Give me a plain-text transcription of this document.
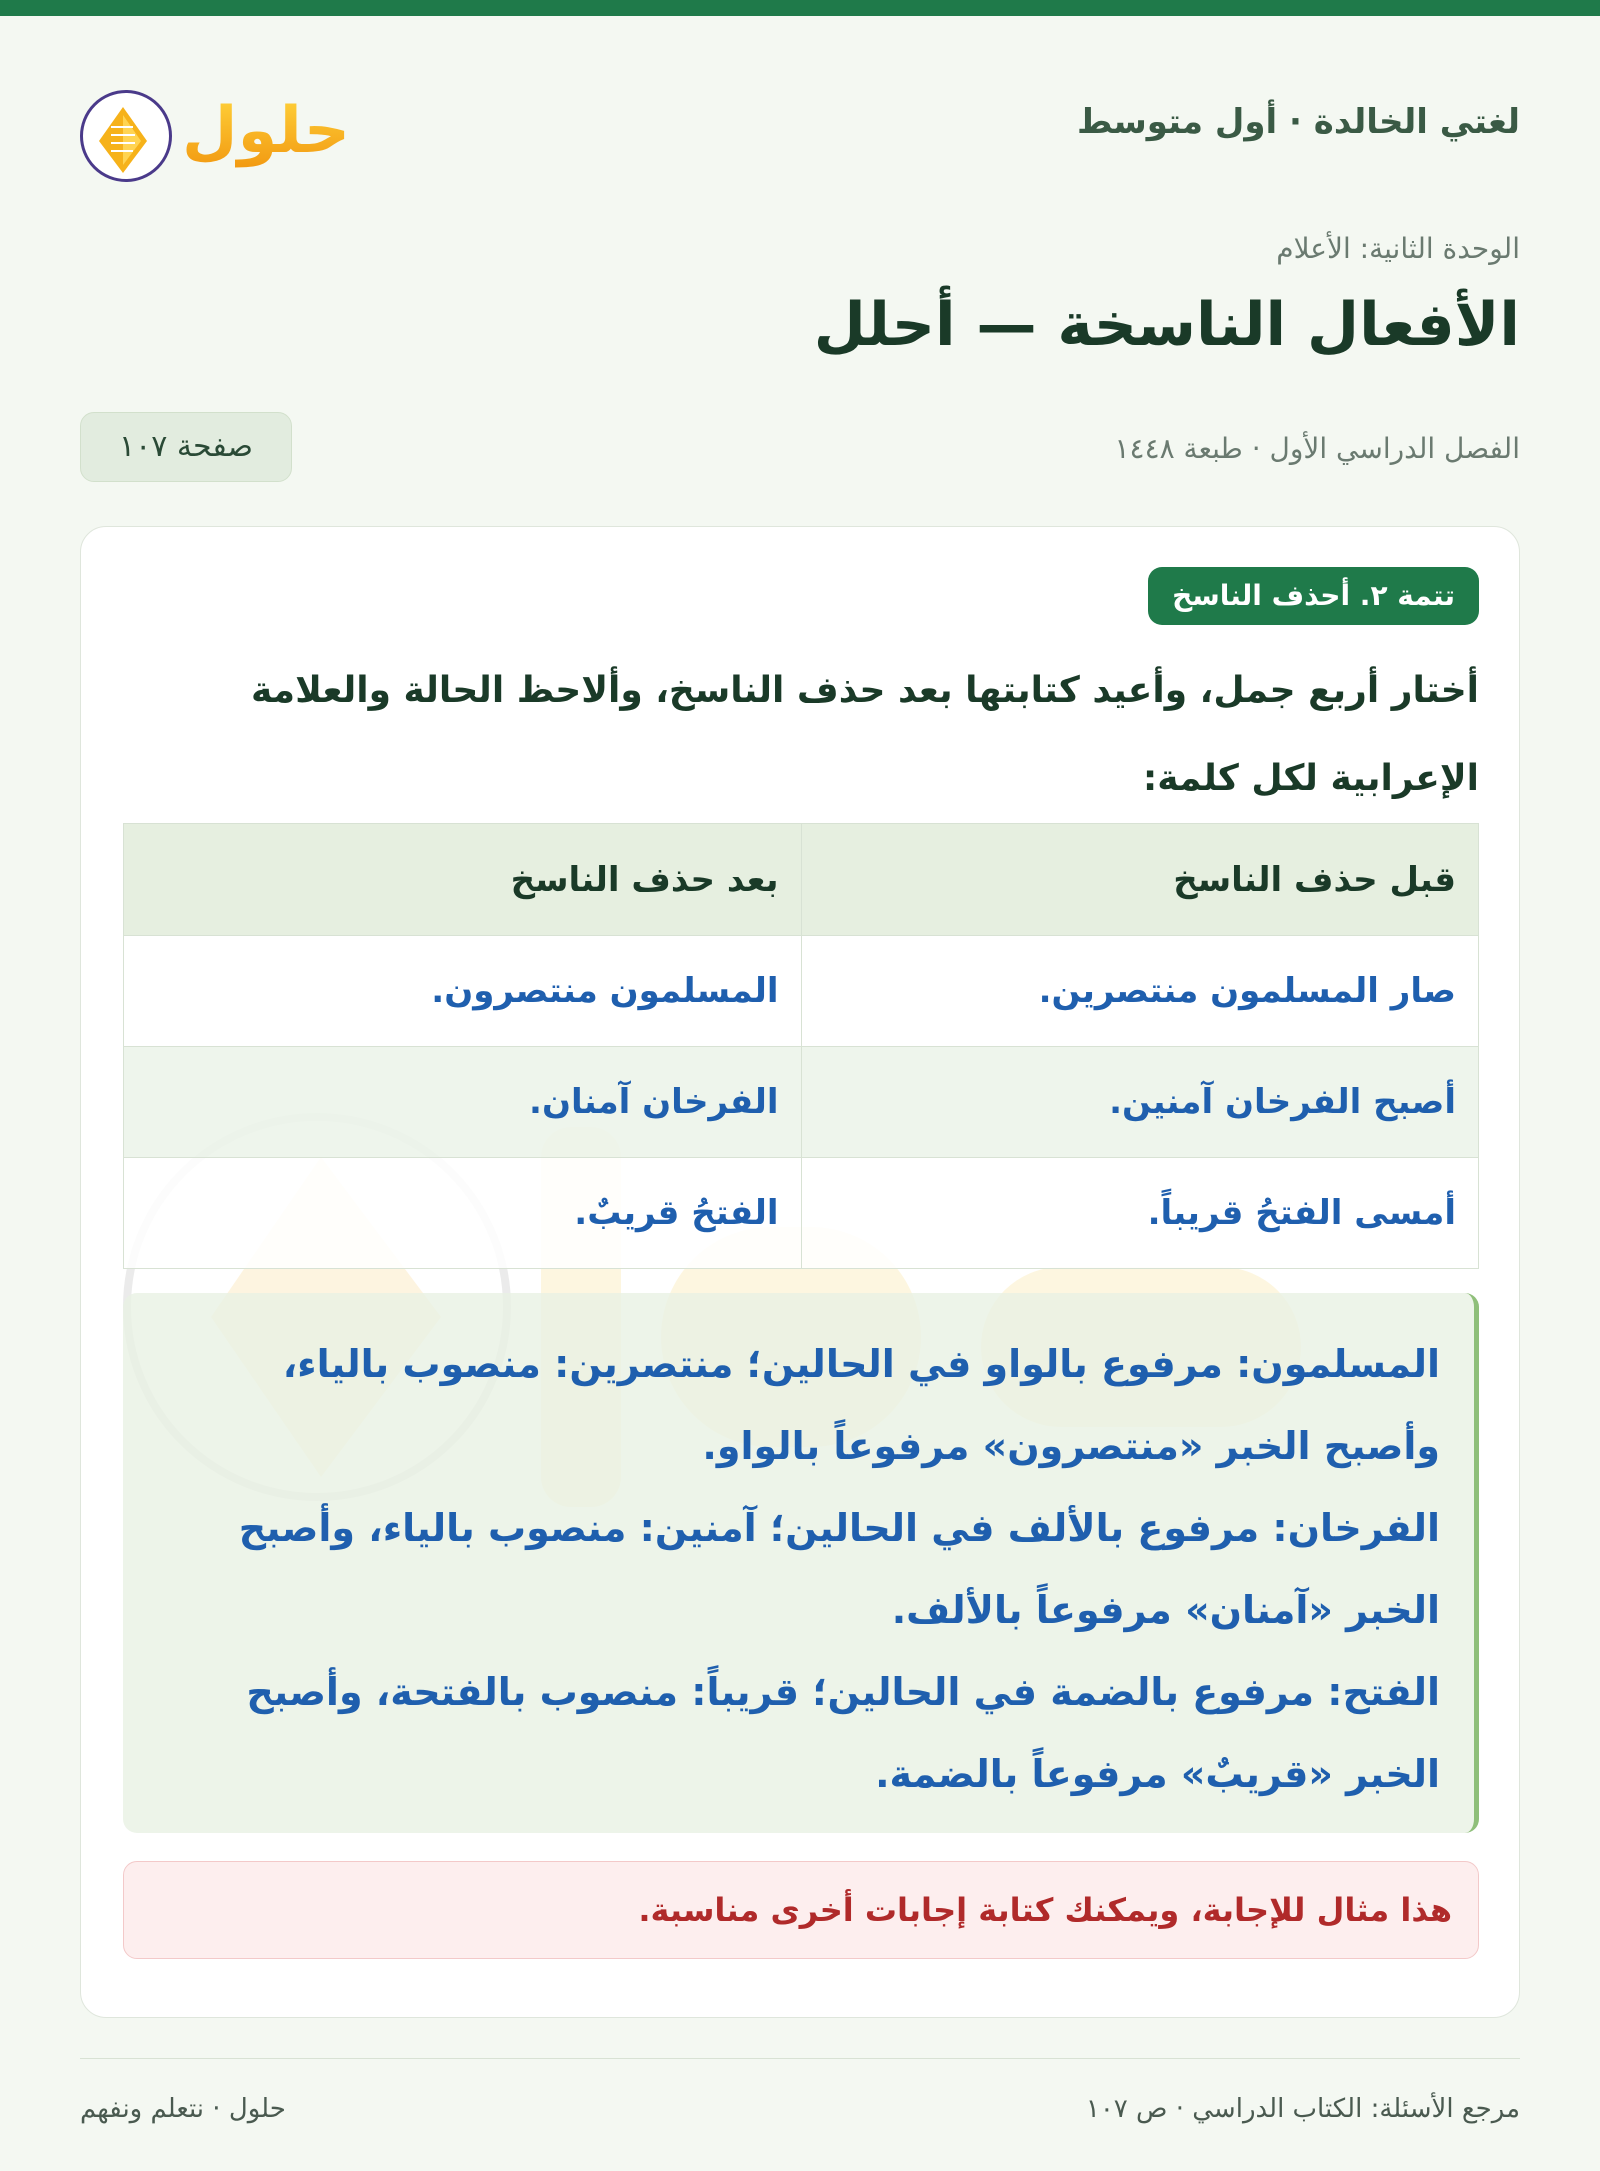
لغتي الخالدة · أول متوسط
حلول
الوحدة الثانية: الأعلام
الأفعال الناسخة — أحلل
الفصل الدراسي الأول · طبعة ١٤٤٨
صفحة ١٠٧
تتمة ٢. أحذف الناسخ

أختار أربع جمل، وأعيد كتابتها بعد حذف الناسخ، وألاحظ الحالة والعلامة الإعرابية لكل كلمة:

قبل حذف الناسخ	بعد حذف الناسخ
صار المسلمون منتصرين.	المسلمون منتصرون.
أصبح الفرخان آمنين.	الفرخان آمنان.
أمسى الفتحُ قريباً.	الفتحُ قريبٌ.
المسلمون: مرفوع بالواو في الحالين؛ منتصرين: منصوب بالياء،
وأصبح الخبر «منتصرون» مرفوعاً بالواو.
الفرخان: مرفوع بالألف في الحالين؛ آمنين: منصوب بالياء، وأصبح
الخبر «آمنان» مرفوعاً بالألف.
الفتح: مرفوع بالضمة في الحالين؛ قريباً: منصوب بالفتحة، وأصبح
الخبر «قريبٌ» مرفوعاً بالضمة.
هذا مثال للإجابة، ويمكنك كتابة إجابات أخرى مناسبة.
مرجع الأسئلة: الكتاب الدراسي · ص ١٠٧
حلول · نتعلم ونفهم
